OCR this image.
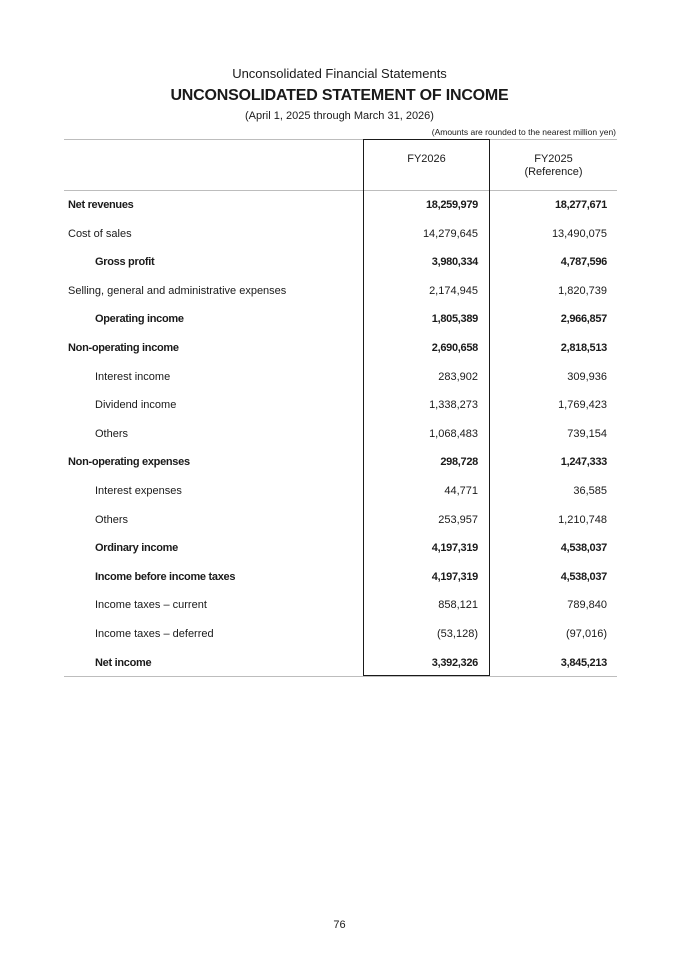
Unconsolidated Financial Statements
UNCONSOLIDATED STATEMENT OF INCOME
(April 1, 2025 through March 31, 2026)
(Amounts are rounded to the nearest million yen)
FY2026	FY2025
(Reference)
Net revenues	18,259,979	18,277,671
Cost of sales	14,279,645	13,490,075
Gross profit	3,980,334	4,787,596
Selling, general and administrative expenses	2,174,945	1,820,739
Operating income	1,805,389	2,966,857
Non-operating income	2,690,658	2,818,513
Interest income	283,902	309,936
Dividend income	1,338,273	1,769,423
Others	1,068,483	739,154
Non-operating expenses	298,728	1,247,333
Interest expenses	44,771	36,585
Others	253,957	1,210,748
Ordinary income	4,197,319	4,538,037
Income before income taxes	4,197,319	4,538,037
Income taxes – current	858,121	789,840
Income taxes – deferred	(53,128)	(97,016)
Net income	3,392,326	3,845,213
76
